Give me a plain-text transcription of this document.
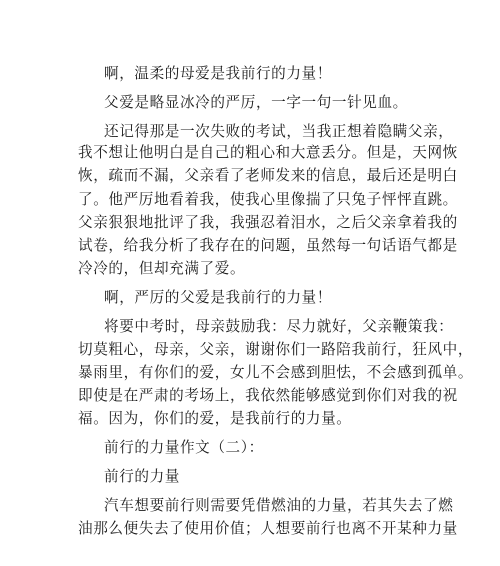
啊，温柔的母爱是我前行的力量！
父爱是略显冰冷的严厉，一字一句一针见血。
还记得那是一次失败的考试，当我正想着隐瞒父亲，
我不想让他明白是自己的粗心和大意丢分。但是，天网恢
恢，疏而不漏，父亲看了老师发来的信息，最后还是明白
了。他严厉地看着我，使我心里像揣了只兔子怦怦直跳。
父亲狠狠地批评了我，我强忍着泪水，之后父亲拿着我的
试卷，给我分析了我存在的问题，虽然每一句话语气都是
冷冷的，但却充满了爱。
啊，严厉的父爱是我前行的力量！
将要中考时，母亲鼓励我：尽力就好，父亲鞭策我：
切莫粗心，母亲，父亲，谢谢你们一路陪我前行，狂风中，
暴雨里，有你们的爱，女儿不会感到胆怯，不会感到孤单。
即使是在严肃的考场上，我依然能够感觉到你们对我的祝
福。因为，你们的爱，是我前行的力量。
前行的力量作文（二）：
前行的力量
汽车想要前行则需要凭借燃油的力量，若其失去了燃
油那么便失去了使用价值；人想要前行也离不开某种力量
